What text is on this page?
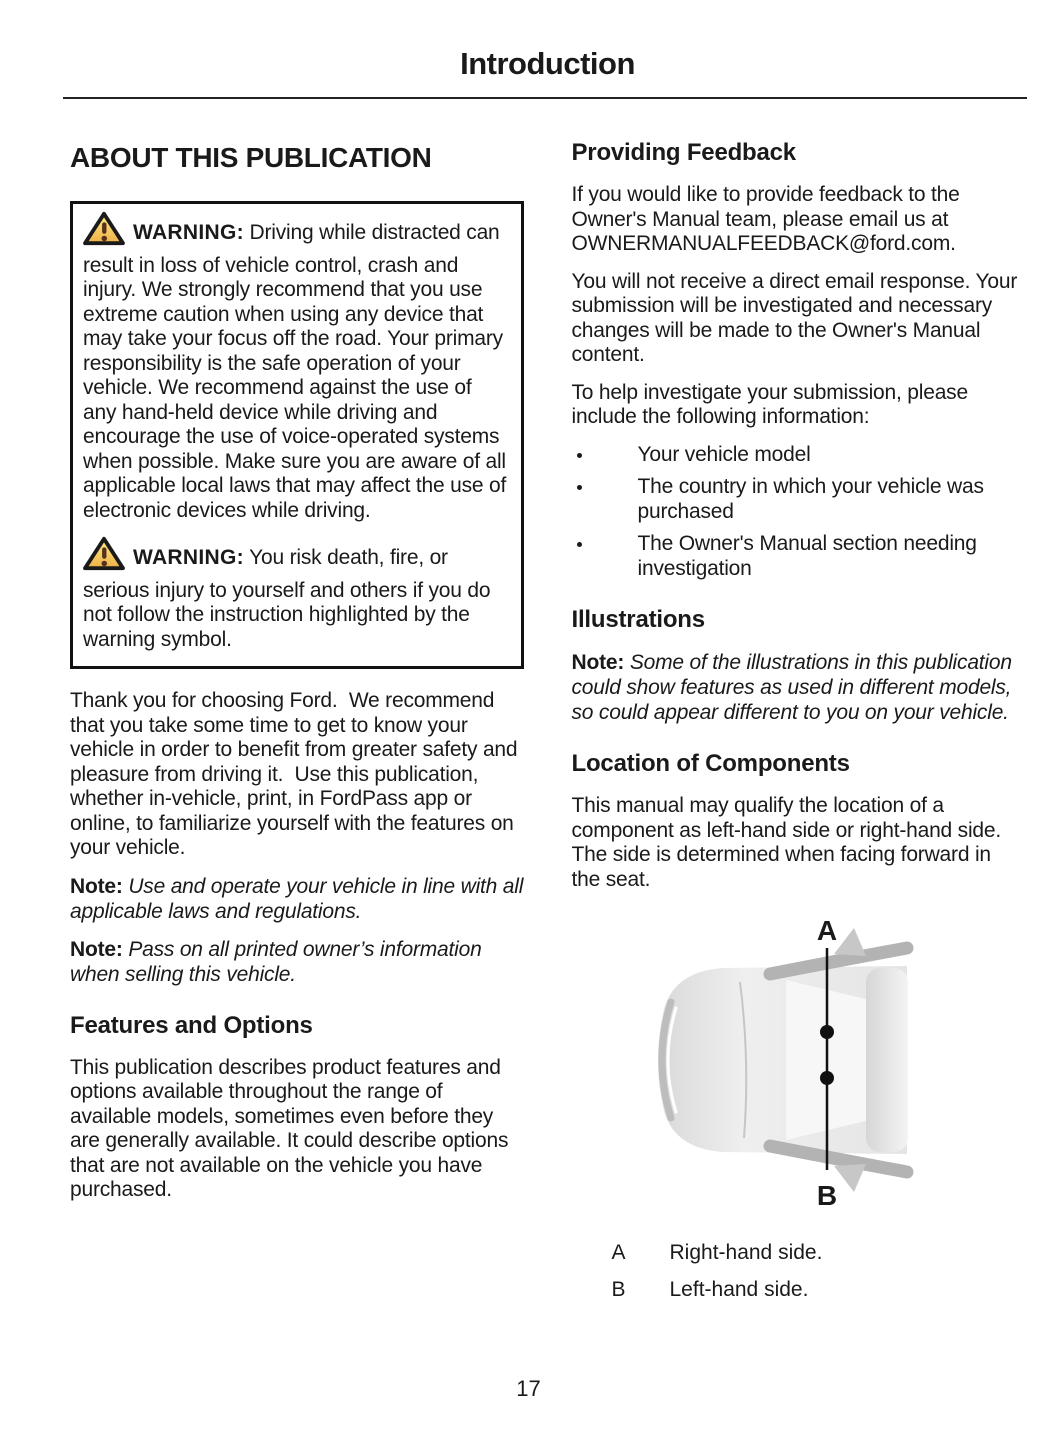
Introduction
ABOUT THIS PUBLICATION

WARNING: Driving while distracted can result in loss of vehicle control, crash and injury. We strongly recommend that you use extreme caution when using any device that may take your focus off the road. Your primary responsibility is the safe operation of your vehicle. We recommend against the use of any hand-held device while driving and encourage the use of voice-operated systems when possible. Make sure you are aware of all applicable local laws that may affect the use of electronic devices while driving.

WARNING: You risk death, fire, or serious injury to yourself and others if you do not follow the instruction highlighted by the warning symbol.

Thank you for choosing Ford.  We recommend that you take some time to get to know your vehicle in order to benefit from greater safety and pleasure from driving it.  Use this publication, whether in-vehicle, print, in FordPass app or online, to familiarize yourself with the features on your vehicle.

Note: Use and operate your vehicle in line with all applicable laws and regulations.

Note: Pass on all printed owner’s information when selling this vehicle.

Features and Options

This publication describes product features and options available throughout the range of available models, sometimes even before they are generally available. It could describe options that are not available on the vehicle you have purchased.

Providing Feedback

If you would like to provide feedback to the Owner's Manual team, please email us at OWNERMANUALFEEDBACK@ford.com.

You will not receive a direct email response. Your submission will be investigated and necessary changes will be made to the Owner's Manual content.

To help investigate your submission, please include the following information:

Your vehicle model
The country in which your vehicle was purchased
The Owner's Manual section needing investigation
Illustrations

Note: Some of the illustrations in this publication could show features as used in different models, so could appear different to you on your vehicle.

Location of Components

This manual may qualify the location of a component as left-hand side or right-hand side.  The side is determined when facing forward in the seat.

A
B
A	Right-hand side.
B	Left-hand side.
17
